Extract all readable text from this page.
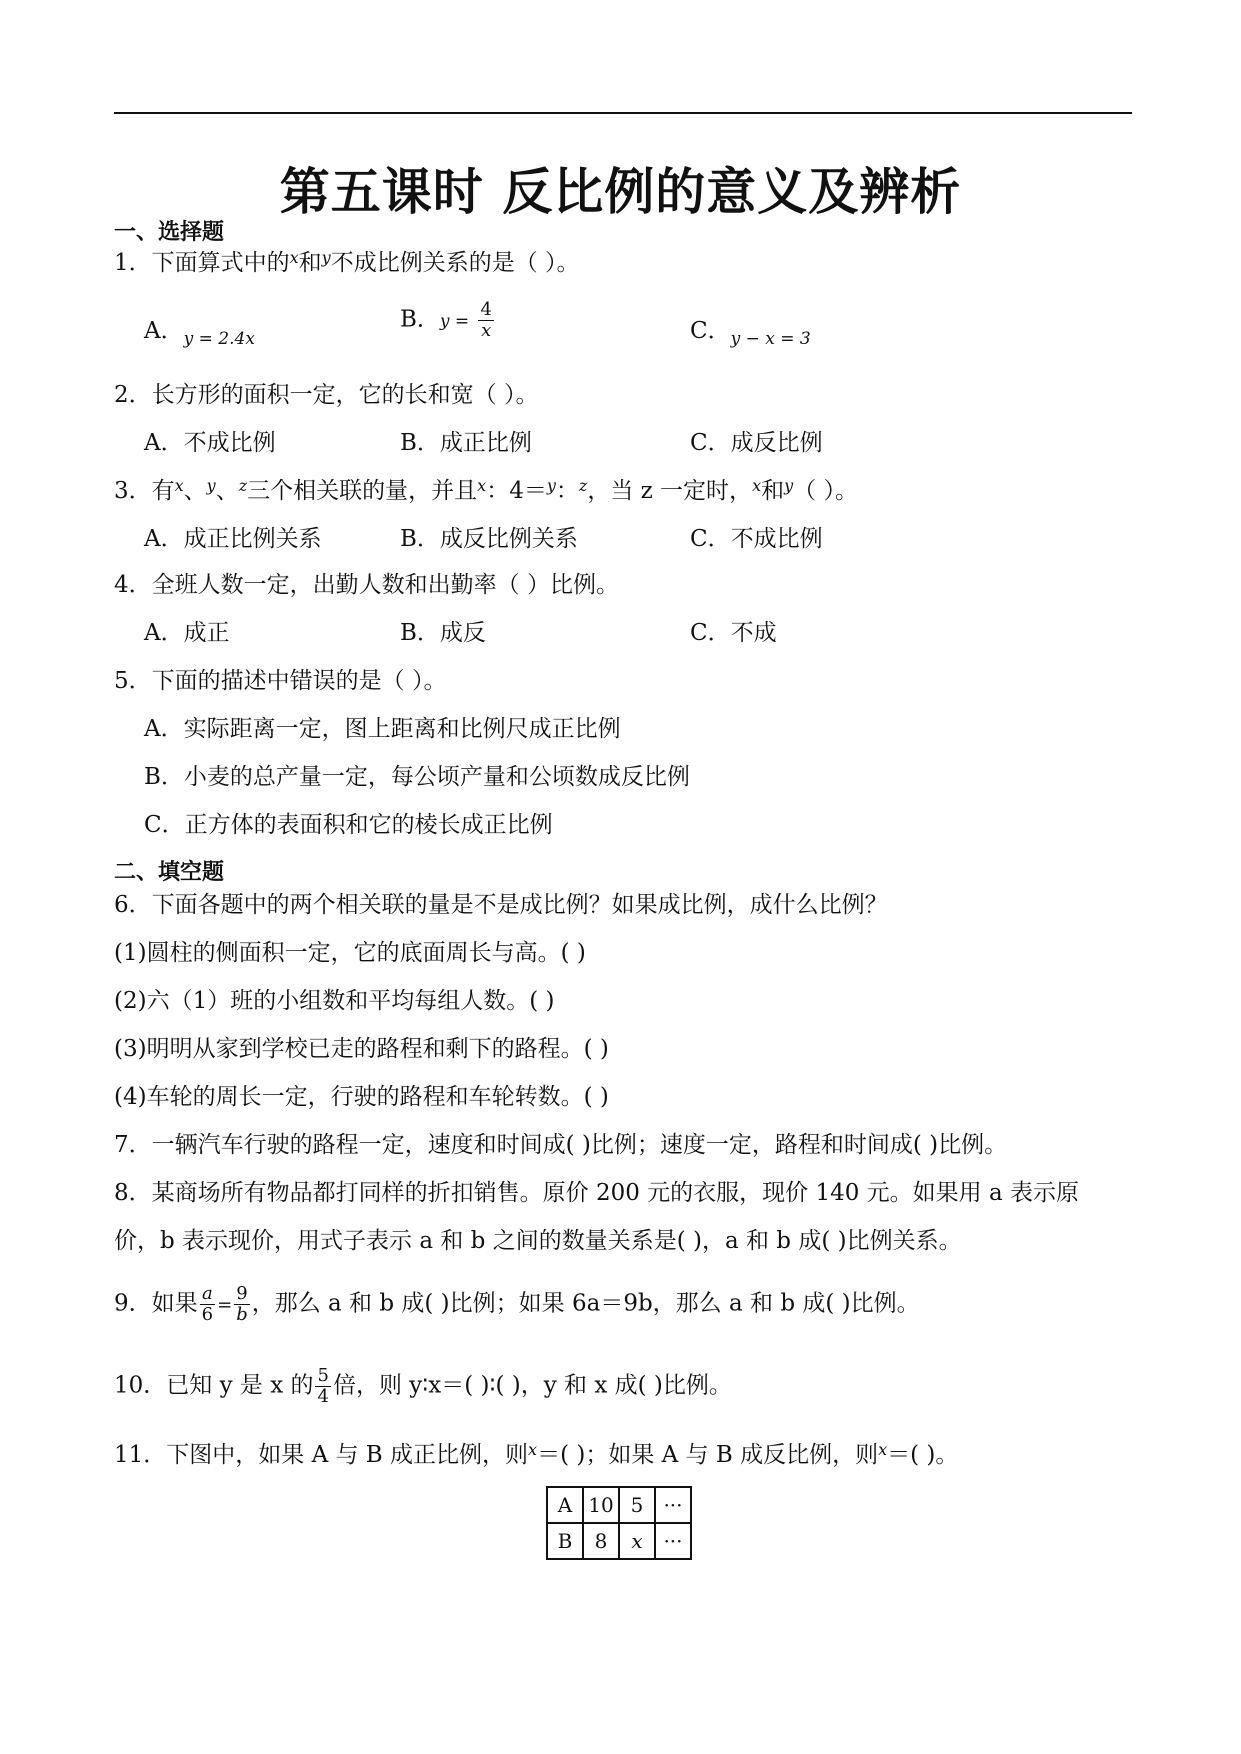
第五课时 反比例的意义及辨析
一、选择题
1．下面算式中的$^x$和$^y$不成比例关系的是（ ）。
A．$_{y = 2.4x}$
B．$y = \frac{4}{x}$	C．$_{y - x = 3}$
2．长方形的面积一定，它的长和宽（ ）。
A．不成比例	B．成正比例	C．成反比例
3．有$^x$、$^y$、$^z$三个相关联的量，并且$^x$：4＝$^y$：$^z$，当 z 一定时，$^x$和$^y$（ ）。
A．成正比例关系	B．成反比例关系	C．不成比例
4．全班人数一定，出勤人数和出勤率（ ）比例。
A．成正	B．成反	C．不成
5．下面的描述中错误的是（ ）。
A．实际距离一定，图上距离和比例尺成正比例
B．小麦的总产量一定，每公顷产量和公顷数成反比例
C．正方体的表面积和它的棱长成正比例
二、填空题
6．下面各题中的两个相关联的量是不是成比例？如果成比例，成什么比例？
(1)圆柱的侧面积一定，它的底面周长与高。( )
(2)六（1）班的小组数和平均每组人数。( )
(3)明明从家到学校已走的路程和剩下的路程。( )
(4)车轮的周长一定，行驶的路程和车轮转数。( )
7．一辆汽车行驶的路程一定，速度和时间成( )比例；速度一定，路程和时间成( )比例。
8．某商场所有物品都打同样的折扣销售。原价 200 元的衣服，现价 140 元。如果用 a 表示原
价，b 表示现价，用式子表示 a 和 b 之间的数量关系是( )，a 和 b 成( )比例关系。
9．如果 $\frac{a}{6} = \frac{9}{b}$ ，那么 a 和 b 成( )比例；如果 6a＝9b，那么 a 和 b 成( )比例。
10．已知 y 是 x 的 $\frac{5}{4}$ 倍，则 y∶x＝( )∶( )，y 和 x 成( )比例。
11．下图中，如果 A 与 B 成正比例，则$^x$＝( )；如果 A 与 B 成反比例，则$^x$＝( )。
A	10	5	···
B	8	x	···
